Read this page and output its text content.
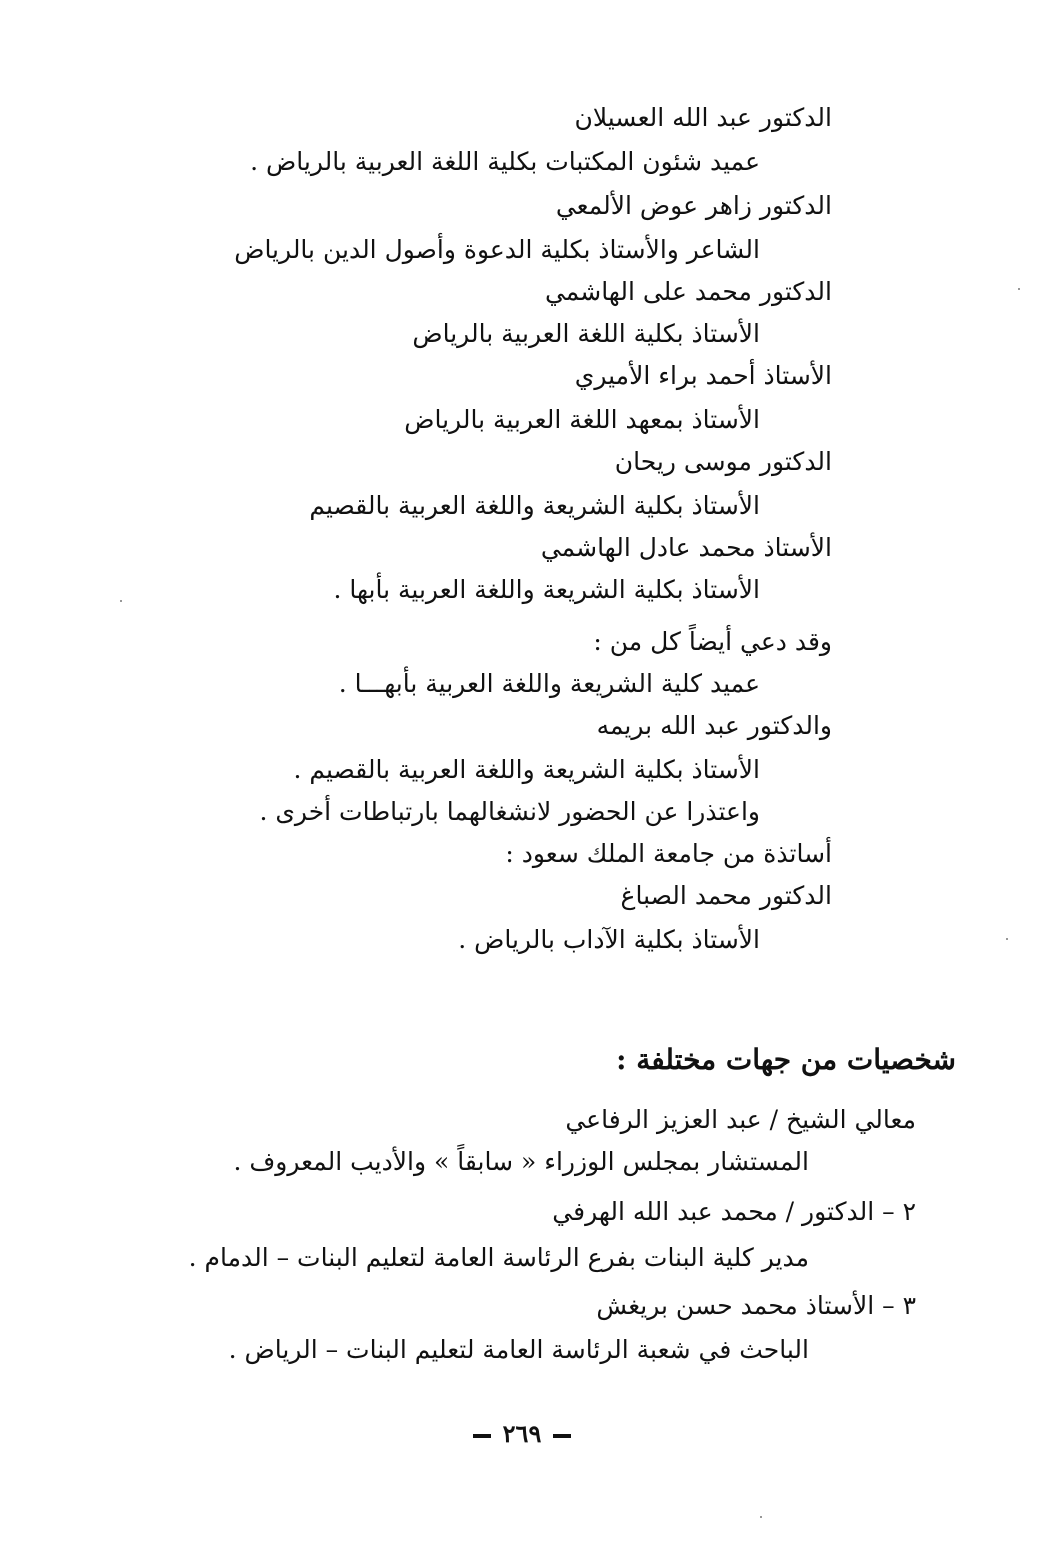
الدكتور عبد الله العسيلان
عميد شئون المكتبات بكلية اللغة العربية بالرياض .
الدكتور زاهر عوض الألمعي
الشاعر والأستاذ بكلية الدعوة وأصول الدين بالرياض
الدكتور محمد على الهاشمي
الأستاذ بكلية اللغة العربية بالرياض
الأستاذ أحمد براء الأميري
الأستاذ بمعهد اللغة العربية بالرياض
الدكتور موسى ريحان
الأستاذ بكلية الشريعة واللغة العربية بالقصيم
الأستاذ محمد عادل الهاشمي
الأستاذ بكلية الشريعة واللغة العربية بأبها .
وقد دعي أيضاً كل من :
عميد كلية الشريعة واللغة العربية بأبهـــا .
والدكتور عبد الله بريمه
الأستاذ بكلية الشريعة واللغة العربية بالقصيم .
واعتذرا عن الحضور لانشغالهما بارتباطات أخرى .
أساتذة من جامعة الملك سعود :
الدكتور محمد الصباغ
الأستاذ بكلية الآداب بالرياض .
شخصيات من جهات مختلفة :
معالي الشيخ / عبد العزيز الرفاعي
المستشار بمجلس الوزراء « سابقاً » والأديب المعروف .
٢ – الدكتور / محمد عبد الله الهرفي
مدير كلية البنات بفرع الرئاسة العامة لتعليم البنات – الدمام .
٣ – الأستاذ محمد حسن بريغش
الباحث في شعبة الرئاسة العامة لتعليم البنات – الرياض .
٢٦٩
